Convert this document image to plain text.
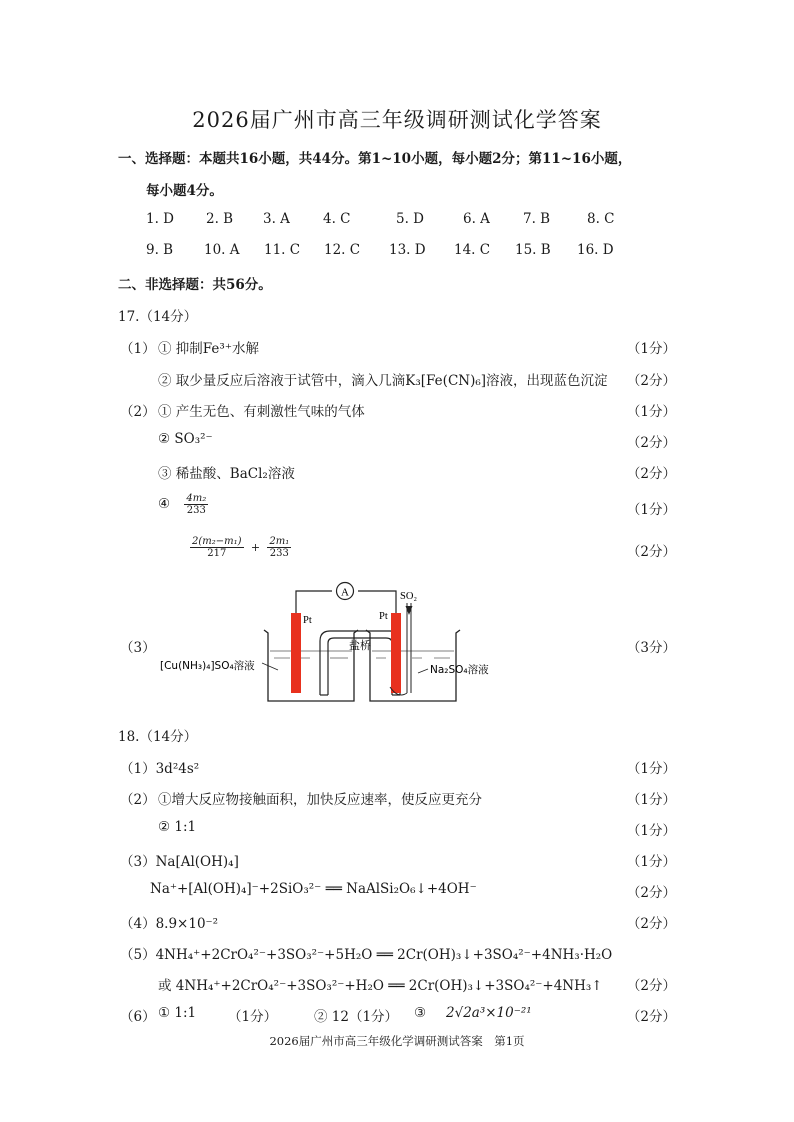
2026届广州市高三年级调研测试化学答案
一、选择题：本题共16小题，共44分。第1~10小题，每小题2分；第11~16小题，
每小题4分。
1. D 2. B 3. A 4. C	5. D	6. A 7. B	8. C
9. B 10. A 11. C 12. C 13. D 14. C 15. B 16. D
二、非选择题：共56分。
17.（14分）
（1） ① 抑制Fe³⁺水解	（1分）
② 取少量反应后溶液于试管中，滴入几滴K₃[Fe(CN)₆]溶液，出现蓝色沉淀 （2分）
（2） ① 产生无色、有刺激性气味的气体	（1分）
② SO₃²⁻	（2分）
③ 稀盐酸、BaCl₂溶液	（2分）
④ $\frac{\text{4m₂}}{233}$	（1分）
$\frac{\text{2(m₂−m₁)}}{217} + \frac{\text{2m₁}}{233}$	（2分）
（3）	（3分）
A
盐桥
Pt	Pt
SO₂
[Cu(NH₃)₄]SO₄溶液	Na₂SO₄溶液
18.（14分）
（1）3d²4s²	（1分）
（2） ①增大反应物接触面积，加快反应速率，使反应更充分	（1分）
② 1:1	（1分）
（3）Na[Al(OH)₄]	（1分）
Na⁺+[Al(OH)₄]⁻+2SiO₃²⁻ ══ NaAlSi₂O₆↓+4OH⁻	（2分）
（4）8.9×10⁻²	（2分）
（5）4NH₄⁺+2CrO₄²⁻+3SO₃²⁻+5H₂O ══ 2Cr(OH)₃↓+3SO₄²⁻+4NH₃·H₂O
或 4NH₄⁺+2CrO₄²⁻+3SO₃²⁻+H₂O ══ 2Cr(OH)₃↓+3SO₄²⁻+4NH₃↑ （2分）
（6） ① 1:1 （1分）	② 12（1分） ③ 2√2a³×10⁻²¹	（2分）
2026届广州市高三年级化学调研测试答案　第1页
